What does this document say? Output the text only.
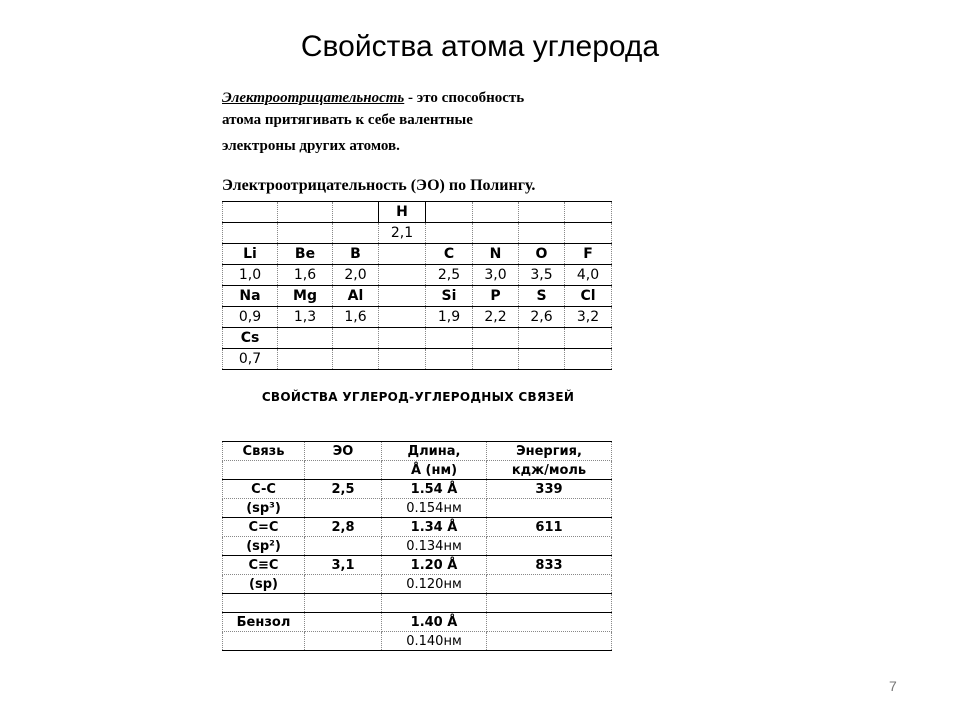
Свойства атома углерода
Электроотрицательность - это способность
атома притягивать к себе валентные
электроны других атомов.
Электроотрицательность (ЭО) по Полингу.
			H				
			2,1				
Li	Be	B		C	N	O	F
1,0	1,6	2,0		2,5	3,0	3,5	4,0
Na	Mg	Al		Si	P	S	Cl
0,9	1,3	1,6		1,9	2,2	2,6	3,2
Cs							
0,7							
СВОЙСТВА УГЛЕРОД-УГЛЕРОДНЫХ СВЯЗЕЙ
Связь	ЭО	Длина,	Энергия,
		Å (нм)	кдж/моль
C-C	2,5	1.54 Å	339
(sp³)		0.154нм	
C=C	2,8	1.34 Å	611
(sp²)		0.134нм	
C≡C	3,1	1.20 Å	833
(sp)		0.120нм	

Бензол		1.40 Å	
		0.140нм	
7
